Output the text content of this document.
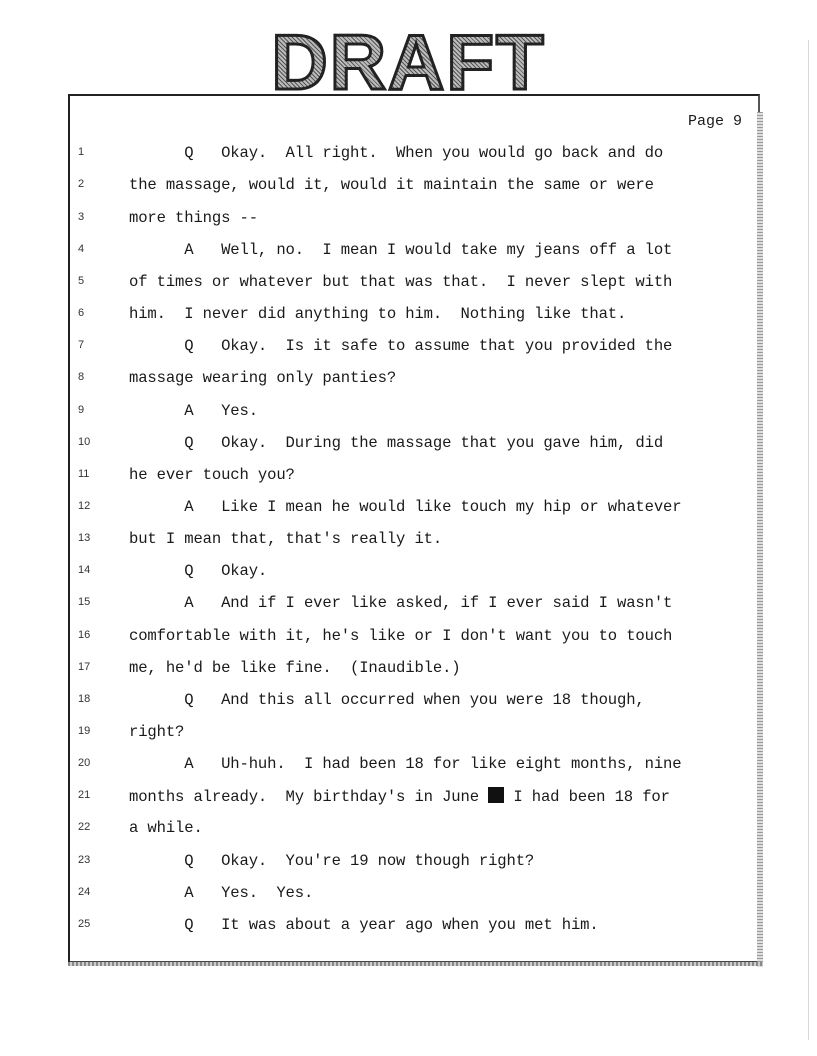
DRAFT
Page 9
1	Q   Okay.  All right.  When you would go back and do
2	the massage, would it, would it maintain the same or were
3	more things --
4	A   Well, no.  I mean I would take my jeans off a lot
5	of times or whatever but that was that.  I never slept with
6	him.  I never did anything to him.  Nothing like that.
7	Q   Okay.  Is it safe to assume that you provided the
8	massage wearing only panties?
9	A   Yes.
10	Q   Okay.  During the massage that you gave him, did
11	he ever touch you?
12	A   Like I mean he would like touch my hip or whatever
13	but I mean that, that's really it.
14	Q   Okay.
15	A   And if I ever like asked, if I ever said I wasn't
16	comfortable with it, he's like or I don't want you to touch
17	me, he'd be like fine.  (Inaudible.)
18	Q   And this all occurred when you were 18 though,
19	right?
20	A   Uh-huh.  I had been 18 for like eight months, nine
21	months already.  My birthday's in June  I had been 18 for
22	a while.
23	Q   Okay.  You're 19 now though right?
24	A   Yes.  Yes.
25	Q   It was about a year ago when you met him.
